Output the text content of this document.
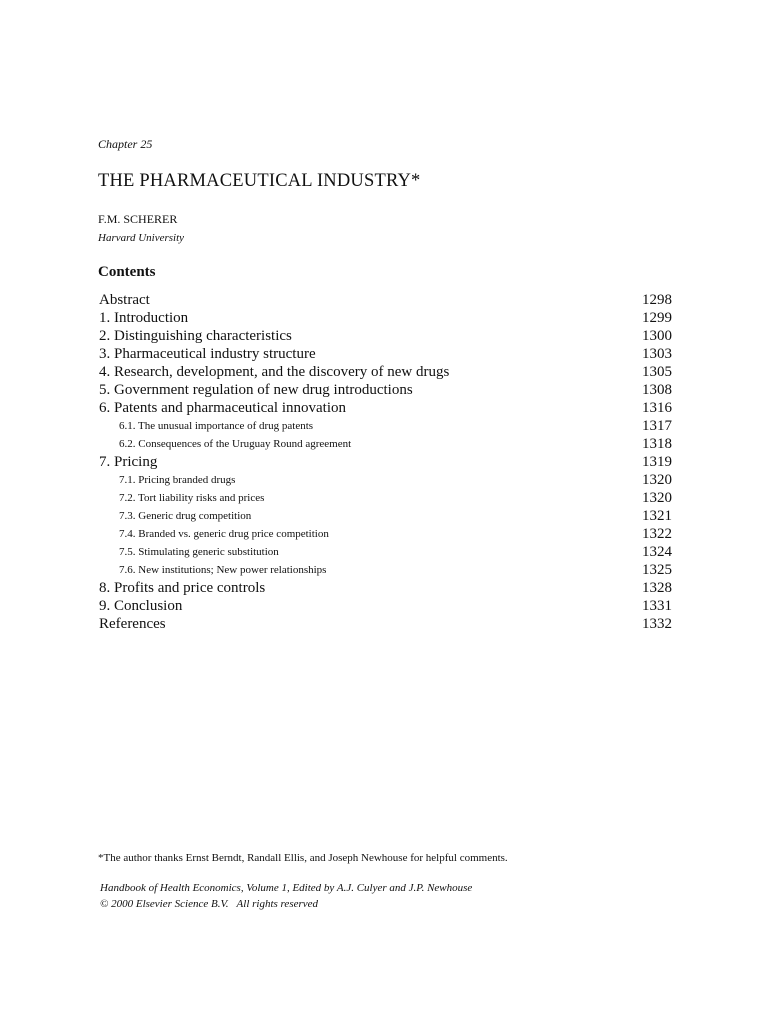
Chapter 25
THE PHARMACEUTICAL INDUSTRY*
F.M. SCHERER
Harvard University
Contents
Abstract	1298
1. Introduction	1299
2. Distinguishing characteristics	1300
3. Pharmaceutical industry structure	1303
4. Research, development, and the discovery of new drugs	1305
5. Government regulation of new drug introductions	1308
6. Patents and pharmaceutical innovation	1316
6.1. The unusual importance of drug patents	1317
6.2. Consequences of the Uruguay Round agreement	1318
7. Pricing	1319
7.1. Pricing branded drugs	1320
7.2. Tort liability risks and prices	1320
7.3. Generic drug competition	1321
7.4. Branded vs. generic drug price competition	1322
7.5. Stimulating generic substitution	1324
7.6. New institutions; New power relationships	1325
8. Profits and price controls	1328
9. Conclusion	1331
References	1332
*The author thanks Ernst Berndt, Randall Ellis, and Joseph Newhouse for helpful comments.
Handbook of Health Economics, Volume 1, Edited by A.J. Culyer and J.P. Newhouse
© 2000 Elsevier Science B.V.   All rights reserved
